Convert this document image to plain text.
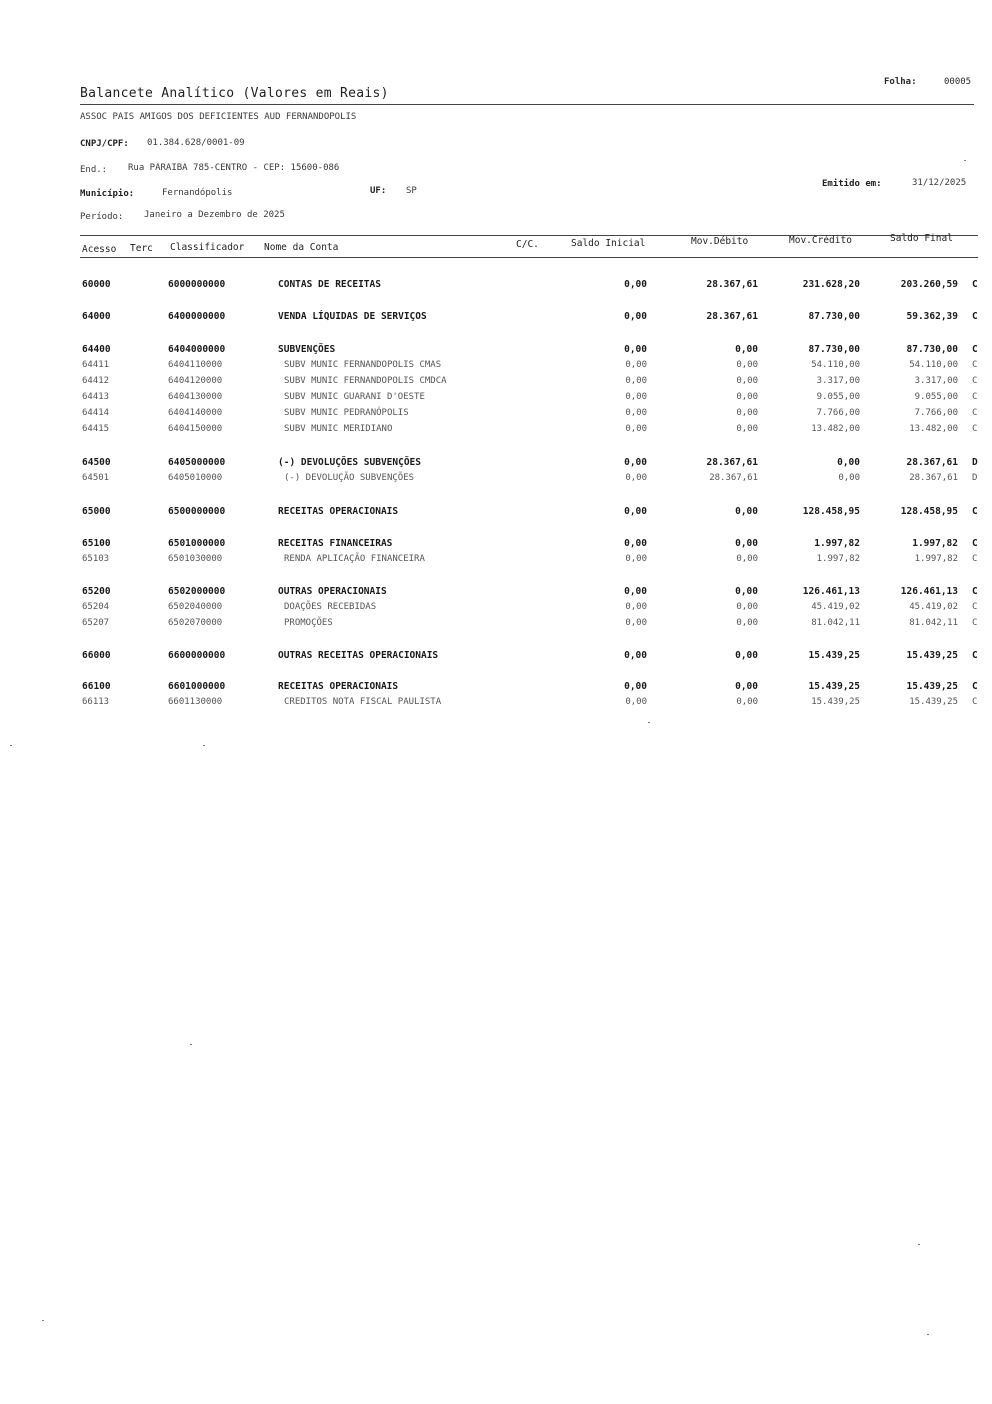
Folha:	00005
Balancete Analítico (Valores em Reais)
ASSOC PAIS AMIGOS DOS DEFICIENTES AUD FERNANDOPOLIS
CNPJ/CPF: 01.384.628/0001-09
End.: Rua PARAIBA 785-CENTRO - CEP: 15600-086
Município:	Fernandópolis	UF: SP
Emitido em:	31/12/2025
Período: Janeiro a Dezembro de 2025
Acesso Terc Classificador Nome da Conta	C/C.	Saldo Inicial	Mov.Débito	Mov.Crédito	Saldo Final
60000	6000000000	CONTAS DE RECEITAS	0,00	28.367,61	231.628,20	203.260,59 C
64000	6400000000	VENDA LÍQUIDAS DE SERVIÇOS	0,00	28.367,61	87.730,00	59.362,39 C
64400	6404000000	SUBVENÇÕES	0,00	0,00	87.730,00	87.730,00 C
64411	6404110000	SUBV MUNIC FERNANDOPOLIS CMAS	0,00	0,00	54.110,00	54.110,00 C
64412	6404120000	SUBV MUNIC FERNANDOPOLIS CMDCA	0,00	0,00	3.317,00	3.317,00 C
64413	6404130000	SUBV MUNIC GUARANI D'OESTE	0,00	0,00	9.055,00	9.055,00 C
64414	6404140000	SUBV MUNIC PEDRANÓPOLIS	0,00	0,00	7.766,00	7.766,00 C
64415	6404150000	SUBV MUNIC MERIDIANO	0,00	0,00	13.482,00	13.482,00 C
64500	6405000000	(-) DEVOLUÇÕES SUBVENÇÕES	0,00	28.367,61	0,00	28.367,61 D
64501	6405010000	(-) DEVOLUÇÃO SUBVENÇÕES	0,00	28.367,61	0,00	28.367,61 D
65000	6500000000	RECEITAS OPERACIONAIS	0,00	0,00	128.458,95	128.458,95 C
65100	6501000000	RECEITAS FINANCEIRAS	0,00	0,00	1.997,82	1.997,82 C
65103	6501030000	RENDA APLICAÇÃO FINANCEIRA	0,00	0,00	1.997,82	1.997,82 C
65200	6502000000	OUTRAS OPERACIONAIS	0,00	0,00	126.461,13	126.461,13 C
65204	6502040000	DOAÇÕES RECEBIDAS	0,00	0,00	45.419,02	45.419,02 C
65207	6502070000	PROMOÇÕES	0,00	0,00	81.042,11	81.042,11 C
66000	6600000000	OUTRAS RECEITAS OPERACIONAIS	0,00	0,00	15.439,25	15.439,25 C
66100	6601000000	RECEITAS OPERACIONAIS	0,00	0,00	15.439,25	15.439,25 C
66113	6601130000	CREDITOS NOTA FISCAL PAULISTA	0,00	0,00	15.439,25	15.439,25 C
